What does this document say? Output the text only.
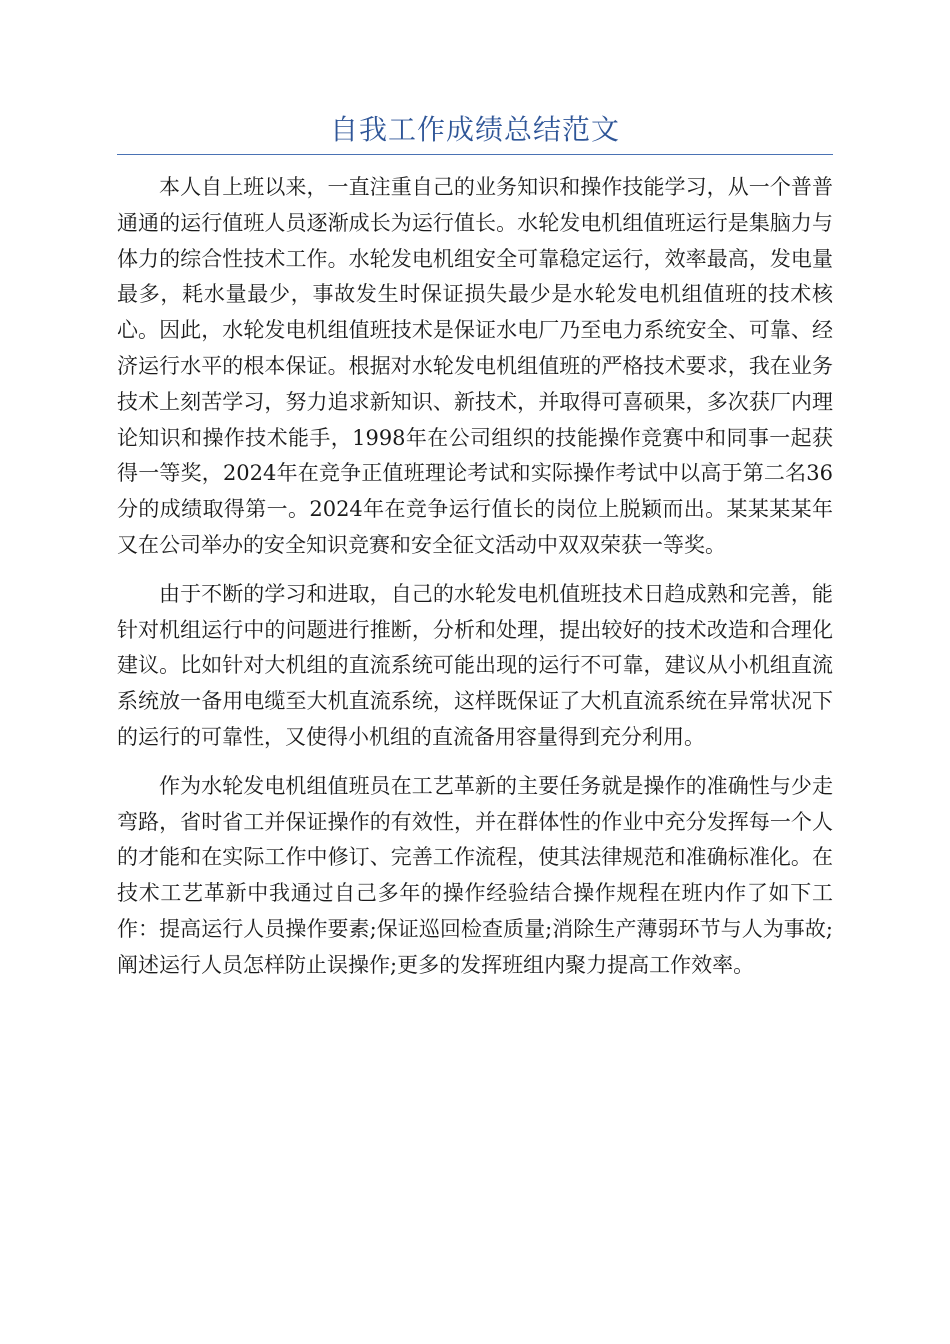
自我工作成绩总结范文

本人自上班以来，一直注重自己的业务知识和操作技能学习，从一个普普通通的运行值班人员逐渐成长为运行值长。水轮发电机组值班运行是集脑力与体力的综合性技术工作。水轮发电机组安全可靠稳定运行，效率最高，发电量最多，耗水量最少，事故发生时保证损失最少是水轮发电机组值班的技术核心。因此，水轮发电机组值班技术是保证水电厂乃至电力系统安全、可靠、经济运行水平的根本保证。根据对水轮发电机组值班的严格技术要求，我在业务技术上刻苦学习，努力追求新知识、新技术，并取得可喜硕果，多次获厂内理论知识和操作技术能手，1998年在公司组织的技能操作竞赛中和同事一起获得一等奖，2024年在竞争正值班理论考试和实际操作考试中以高于第二名36分的成绩取得第一。2024年在竞争运行值长的岗位上脱颖而出。某某某某年又在公司举办的安全知识竞赛和安全征文活动中双双荣获一等奖。

由于不断的学习和进取，自己的水轮发电机值班技术日趋成熟和完善，能针对机组运行中的问题进行推断，分析和处理，提出较好的技术改造和合理化建议。比如针对大机组的直流系统可能出现的运行不可靠，建议从小机组直流系统放一备用电缆至大机直流系统，这样既保证了大机直流系统在异常状况下的运行的可靠性，又使得小机组的直流备用容量得到充分利用。

作为水轮发电机组值班员在工艺革新的主要任务就是操作的准确性与少走弯路，省时省工并保证操作的有效性，并在群体性的作业中充分发挥每一个人的才能和在实际工作中修订、完善工作流程，使其法律规范和准确标准化。在技术工艺革新中我通过自己多年的操作经验结合操作规程在班内作了如下工作：提高运行人员操作要素;保证巡回检查质量;消除生产薄弱环节与人为事故;阐述运行人员怎样防止误操作;更多的发挥班组内聚力提高工作效率。
